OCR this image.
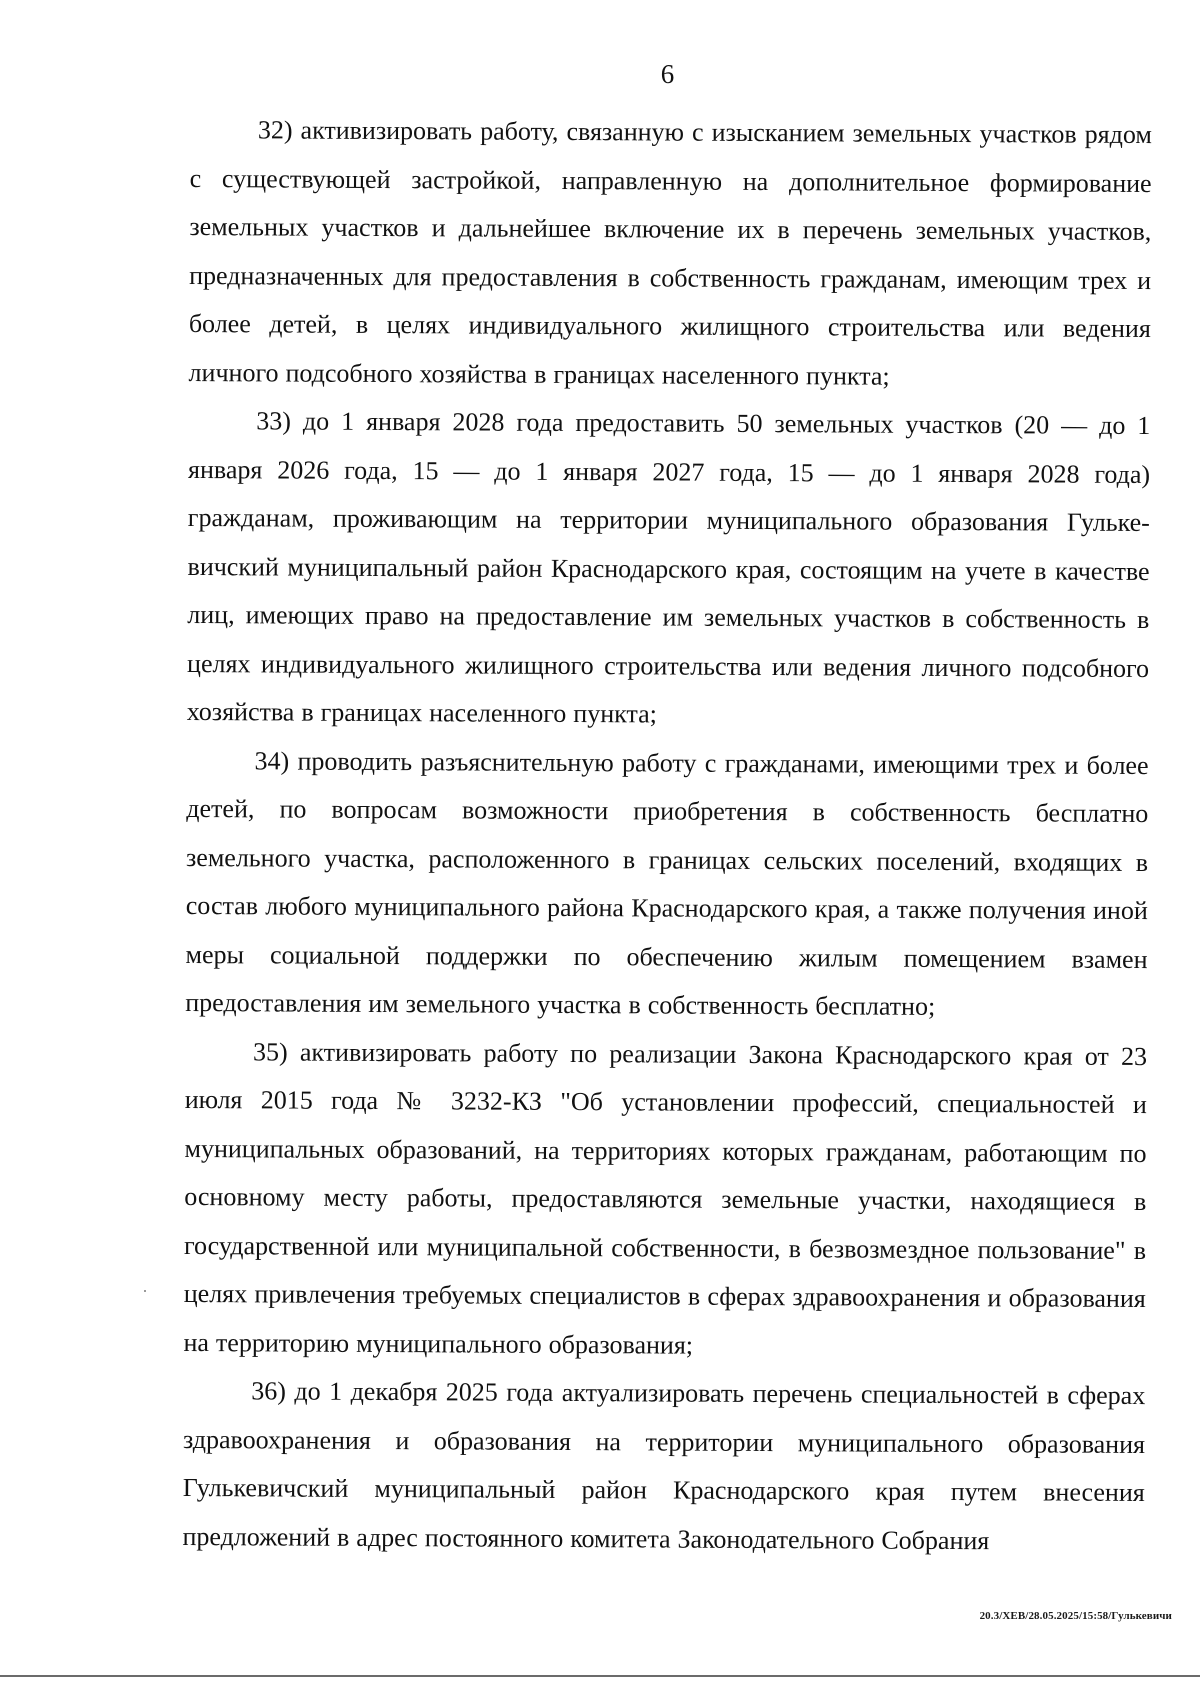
6

32) активизировать работу, связанную с изысканием земельных участков рядом с существующей застройкой, направленную на дополнительное формирование земельных участков и дальнейшее включение их в перечень земельных участков, предназначенных для предоставления в собственность гражданам, имеющим трех и более детей, в целях индивидуального жилищного строительства или ведения личного подсобного хозяйства в границах населенного пункта;

33) до 1 января 2028 года предоставить 50 земельных участков (20 — до 1 января 2026 года, 15 — до 1 января 2027 года, 15 — до 1 января 2028 года) гражданам, проживающим на территории муниципального образования Гулькевичский муниципальный район Краснодарского края, состоящим на учете в качестве лиц, имеющих право на предоставление им земельных участков в собственность в целях индивидуального жилищного строительства или ведения личного подсобного хозяйства в границах населенного пункта;

34) проводить разъяснительную работу с гражданами, имеющими трех и более детей, по вопросам возможности приобретения в собственность бесплатно земельного участка, расположенного в границах сельских поселений, входящих в состав любого муниципального района Краснодарского края, а также получения иной меры социальной поддержки по обеспечению жилым помещением взамен предоставления им земельного участка в собственность бесплатно;

35) активизировать работу по реализации Закона Краснодарского края от 23 июля 2015 года № 3232-КЗ "Об установлении профессий, специальностей и муниципальных образований, на территориях которых гражданам, работающим по основному месту работы, предоставляются земельные участки, находящиеся в государственной или муниципальной собственности, в безвозмездное пользование" в целях привлечения требуемых специалистов в сферах здравоохранения и образования на территорию муниципального образования;

36) до 1 декабря 2025 года актуализировать перечень специальностей в сферах здравоохранения и образования на территории муниципального образования Гулькевичский муниципальный район Краснодарского края путем внесения предложений в адрес постоянного комитета Законодательного Собрания

20.3/ХЕВ/28.05.2025/15:58/Гулькевичи
